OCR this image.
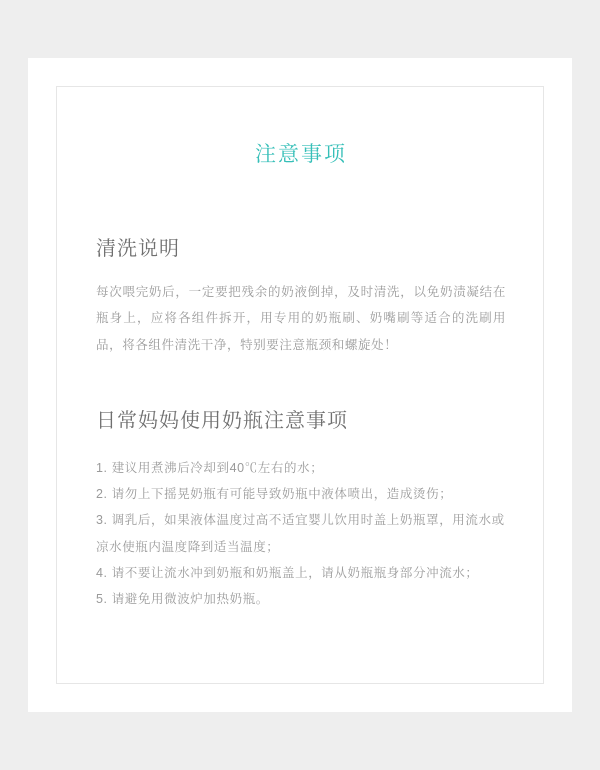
注意事项
清洗说明

每次喂完奶后，一定要把残余的奶液倒掉，及时清洗，以免奶渍凝结在瓶身上，应将各组件拆开，用专用的奶瓶刷、奶嘴刷等适合的洗刷用品，将各组件清洗干净，特别要注意瓶颈和螺旋处！

日常妈妈使用奶瓶注意事项
1. 建议用煮沸后冷却到40℃左右的水；
2. 请勿上下摇晃奶瓶有可能导致奶瓶中液体喷出，造成烫伤；
3. 调乳后，如果液体温度过高不适宜婴儿饮用时盖上奶瓶罩，用流水或凉水使瓶内温度降到适当温度；
4. 请不要让流水冲到奶瓶和奶瓶盖上，请从奶瓶瓶身部分冲流水；
5. 请避免用微波炉加热奶瓶。
